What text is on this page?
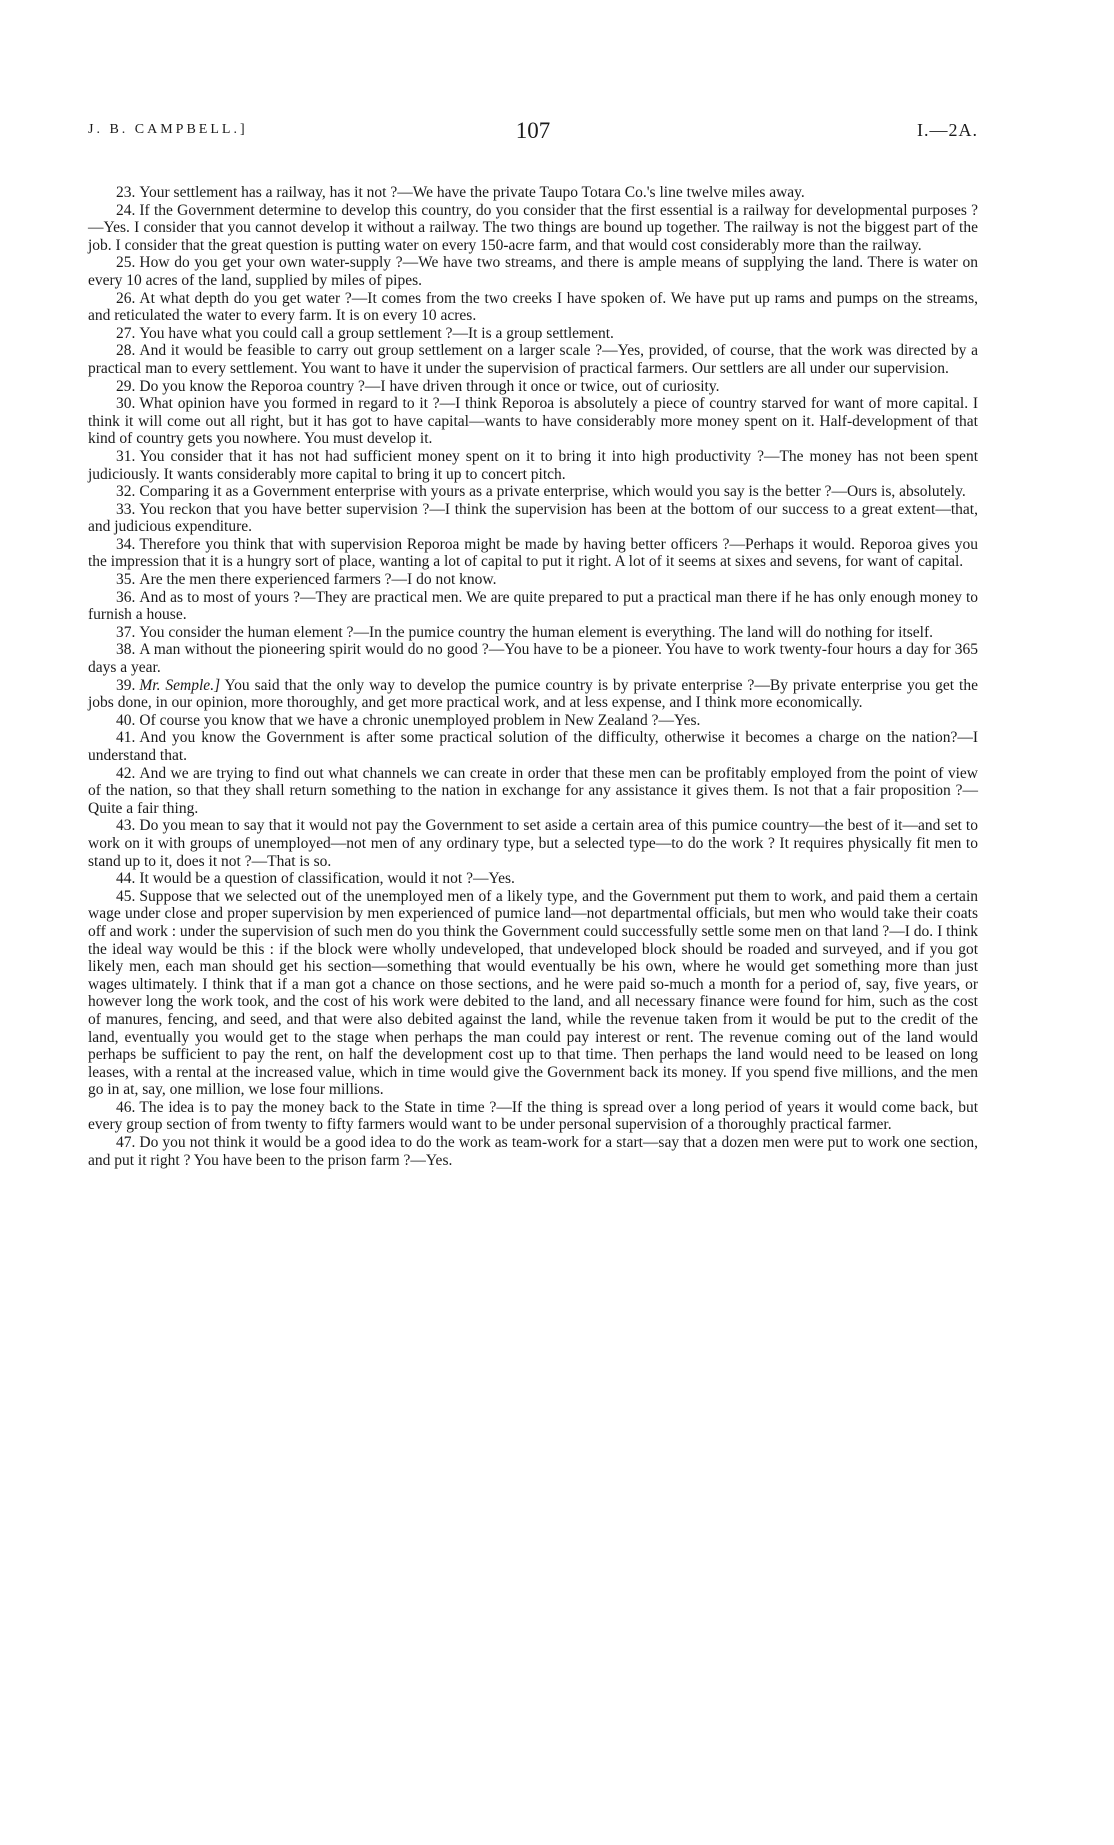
J. B. CAMPBELL.]	107	I.—2A.

23. Your settlement has a railway, has it not ?—We have the private Taupo Totara Co.'s line twelve miles away.

24. If the Government determine to develop this country, do you consider that the first essential is a railway for developmental purposes ?—Yes. I consider that you cannot develop it without a railway. The two things are bound up together. The railway is not the biggest part of the job. I consider that the great question is putting water on every 150-acre farm, and that would cost considerably more than the railway.

25. How do you get your own water-supply ?—We have two streams, and there is ample means of supplying the land. There is water on every 10 acres of the land, supplied by miles of pipes.

26. At what depth do you get water ?—It comes from the two creeks I have spoken of. We have put up rams and pumps on the streams, and reticulated the water to every farm. It is on every 10 acres.

27. You have what you could call a group settlement ?—It is a group settlement.

28. And it would be feasible to carry out group settlement on a larger scale ?—Yes, provided, of course, that the work was directed by a practical man to every settlement. You want to have it under the supervision of practical farmers. Our settlers are all under our supervision.

29. Do you know the Reporoa country ?—I have driven through it once or twice, out of curiosity.

30. What opinion have you formed in regard to it ?—I think Reporoa is absolutely a piece of country starved for want of more capital. I think it will come out all right, but it has got to have capital—wants to have considerably more money spent on it. Half-development of that kind of country gets you nowhere. You must develop it.

31. You consider that it has not had sufficient money spent on it to bring it into high productivity ?—The money has not been spent judiciously. It wants considerably more capital to bring it up to concert pitch.

32. Comparing it as a Government enterprise with yours as a private enterprise, which would you say is the better ?—Ours is, absolutely.

33. You reckon that you have better supervision ?—I think the supervision has been at the bottom of our success to a great extent—that, and judicious expenditure.

34. Therefore you think that with supervision Reporoa might be made by having better officers ?—Perhaps it would. Reporoa gives you the impression that it is a hungry sort of place, wanting a lot of capital to put it right. A lot of it seems at sixes and sevens, for want of capital.

35. Are the men there experienced farmers ?—I do not know.

36. And as to most of yours ?—They are practical men. We are quite prepared to put a practical man there if he has only enough money to furnish a house.

37. You consider the human element ?—In the pumice country the human element is everything. The land will do nothing for itself.

38. A man without the pioneering spirit would do no good ?—You have to be a pioneer. You have to work twenty-four hours a day for 365 days a year.

39. Mr. Semple.] You said that the only way to develop the pumice country is by private enterprise ?—By private enterprise you get the jobs done, in our opinion, more thoroughly, and get more practical work, and at less expense, and I think more economically.

40. Of course you know that we have a chronic unemployed problem in New Zealand ?—Yes.

41. And you know the Government is after some practical solution of the difficulty, otherwise it becomes a charge on the nation?—I understand that.

42. And we are trying to find out what channels we can create in order that these men can be profitably employed from the point of view of the nation, so that they shall return something to the nation in exchange for any assistance it gives them. Is not that a fair proposition ?—Quite a fair thing.

43. Do you mean to say that it would not pay the Government to set aside a certain area of this pumice country—the best of it—and set to work on it with groups of unemployed—not men of any ordinary type, but a selected type—to do the work ? It requires physically fit men to stand up to it, does it not ?—That is so.

44. It would be a question of classification, would it not ?—Yes.

45. Suppose that we selected out of the unemployed men of a likely type, and the Government put them to work, and paid them a certain wage under close and proper supervision by men experienced of pumice land—not departmental officials, but men who would take their coats off and work : under the supervision of such men do you think the Government could successfully settle some men on that land ?—I do. I think the ideal way would be this : if the block were wholly undeveloped, that undeveloped block should be roaded and surveyed, and if you got likely men, each man should get his section—something that would eventually be his own, where he would get something more than just wages ultimately. I think that if a man got a chance on those sections, and he were paid so-much a month for a period of, say, five years, or however long the work took, and the cost of his work were debited to the land, and all necessary finance were found for him, such as the cost of manures, fencing, and seed, and that were also debited against the land, while the revenue taken from it would be put to the credit of the land, eventually you would get to the stage when perhaps the man could pay interest or rent. The revenue coming out of the land would perhaps be sufficient to pay the rent, on half the development cost up to that time. Then perhaps the land would need to be leased on long leases, with a rental at the increased value, which in time would give the Government back its money. If you spend five millions, and the men go in at, say, one million, we lose four millions.

46. The idea is to pay the money back to the State in time ?—If the thing is spread over a long period of years it would come back, but every group section of from twenty to fifty farmers would want to be under personal supervision of a thoroughly practical farmer.

47. Do you not think it would be a good idea to do the work as team-work for a start—say that a dozen men were put to work one section, and put it right ? You have been to the prison farm ?—Yes.
